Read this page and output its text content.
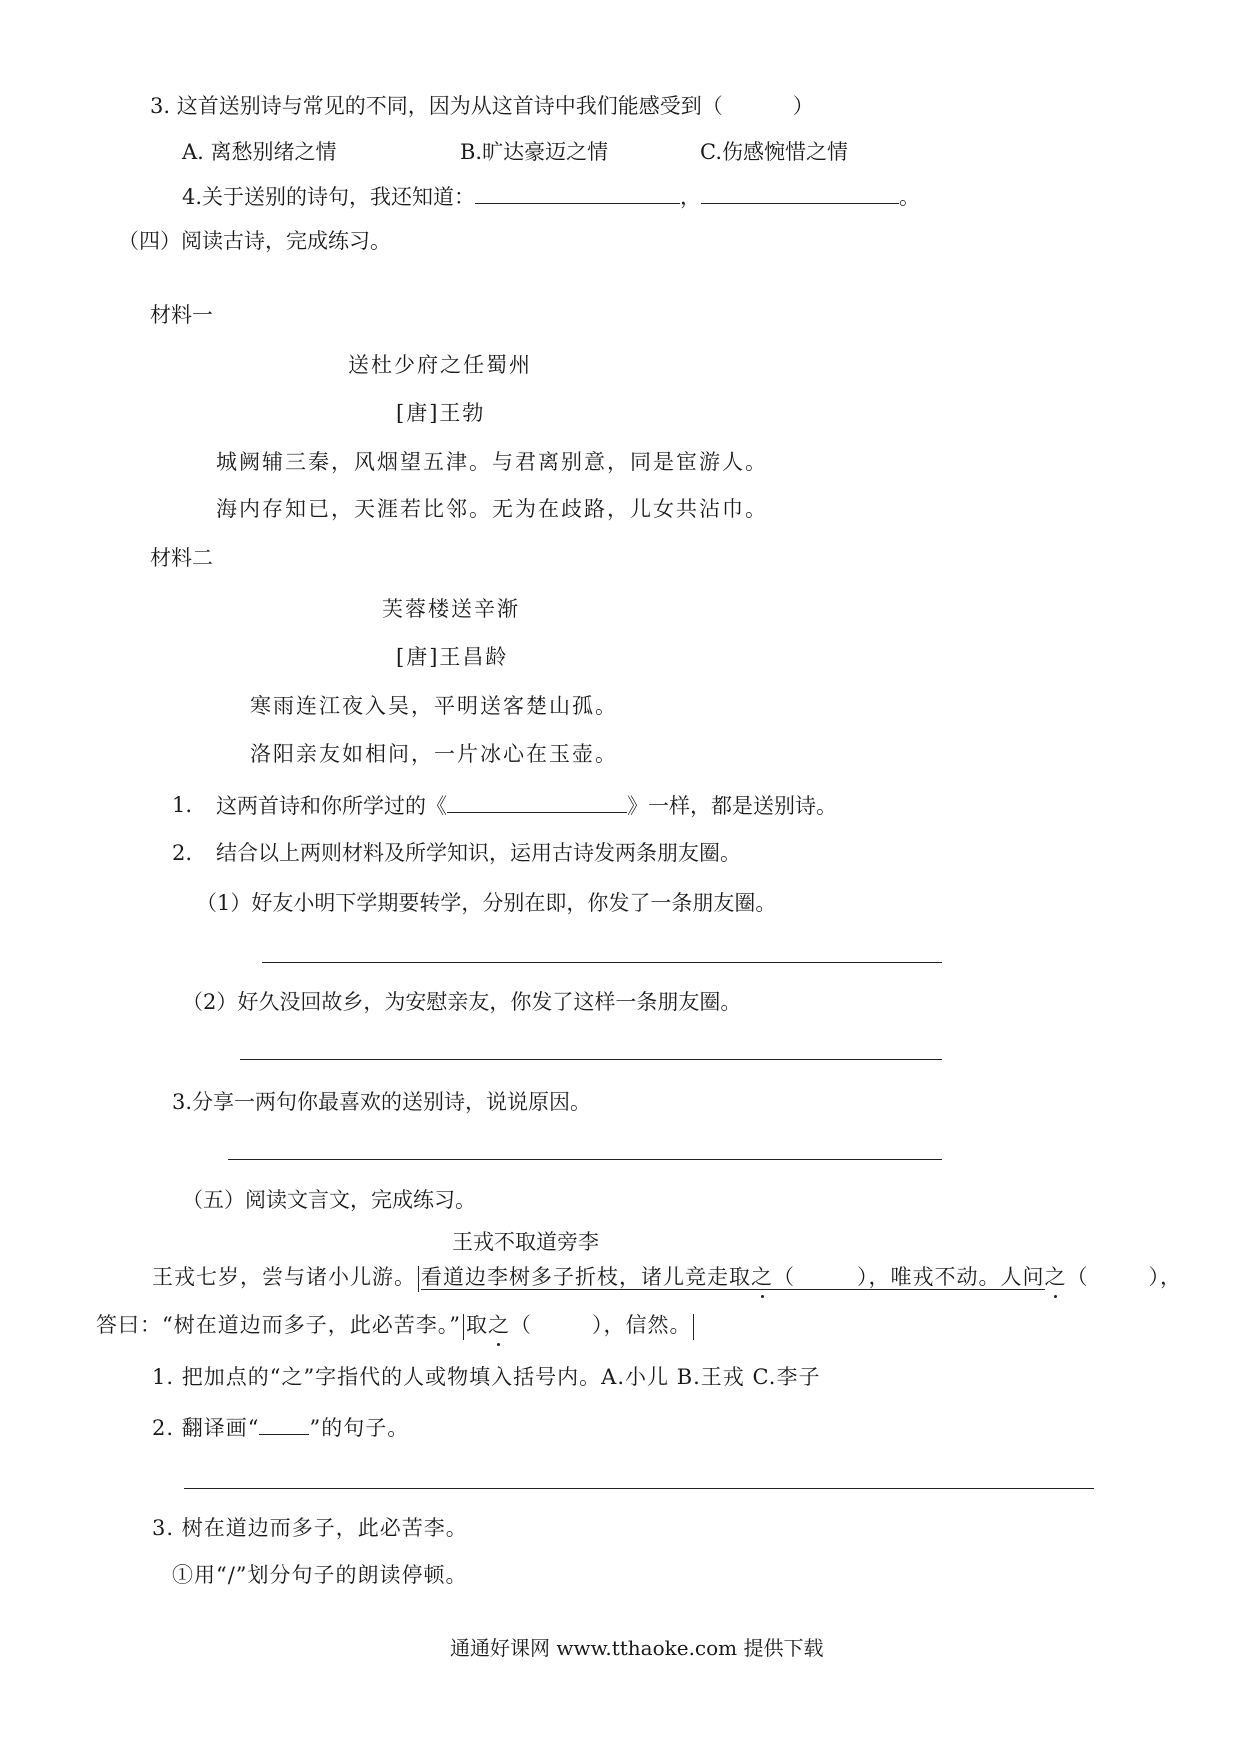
3. 这首送别诗与常见的不同，因为从这首诗中我们能感受到（	）
A. 离愁别绪之情	B.旷达豪迈之情	C.伤感惋惜之情
4.关于送别的诗句，我还知道：	，	。
（四）阅读古诗，完成练习。
材料一
送杜少府之任蜀州
[唐]王勃
城阙辅三秦，风烟望五津。与君离别意，同是宦游人。
海内存知已，天涯若比邻。无为在歧路，儿女共沾巾。
材料二
芙蓉楼送辛渐
[唐]王昌龄
寒雨连江夜入吴，平明送客楚山孤。
洛阳亲友如相问，一片冰心在玉壶。
1. 这两首诗和你所学过的《	》一样，都是送别诗。
2. 结合以上两则材料及所学知识，运用古诗发两条朋友圈。
（1）好友小明下学期要转学，分别在即，你发了一条朋友圈。
（2）好久没回故乡，为安慰亲友，你发了这样一条朋友圈。
3.分享一两句你最喜欢的送别诗，说说原因。
（五）阅读文言文，完成练习。
王戎不取道旁李
王戎七岁，尝与诸小儿游。 看道边李树多子折枝，诸儿竞走取之（	），唯戎不动。人问之（	），
答曰：“树在道边而多子，此必苦李。” 取之（	），信然。
1. 把加点的“之”字指代的人或物填入括号内。A.小儿 B.王戎 C.李子
2. 翻译画“ ”的句子。
3. 树在道边而多子，此必苦李。
①用“/”划分句子的朗读停顿。
通通好课网 www.tthaoke.com 提供下载
